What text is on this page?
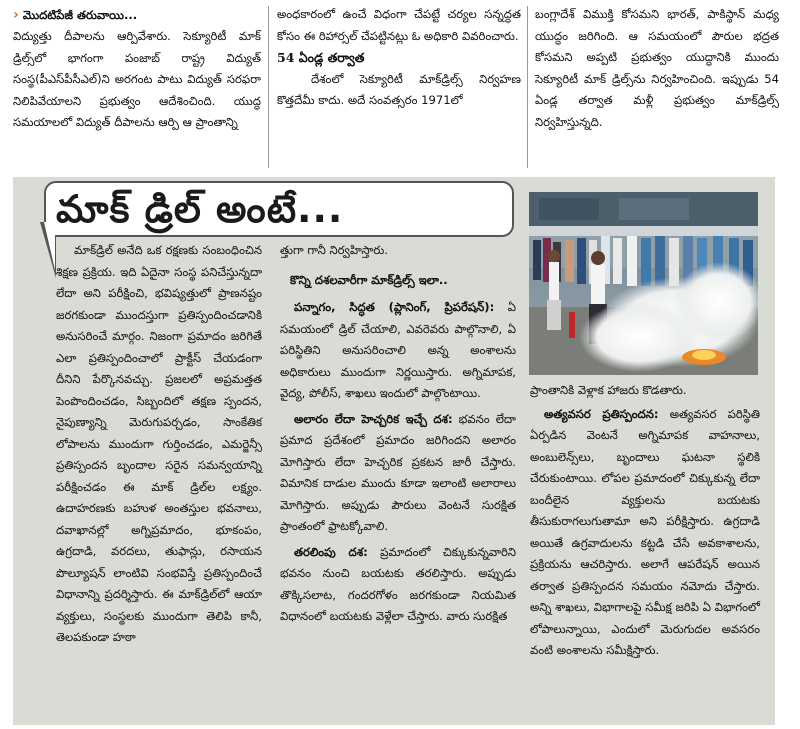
› మొదటిపేజీ తరువాయి...

విద్యుత్తు దీపాలను ఆర్పివేశారు. సెక్యూరిటీ మాక్‌ డ్రిల్స్‌లో భాగంగా పంజాబ్‌ రాష్ట్ర విద్యుత్‌ సంస్థ(పీఎస్‌పీసీఎల్‌)ని అరగంట పాటు విద్యుత్‌ సరఫరా నిలిపివేయాలని ప్రభుత్వం ఆదేశించింది. యుద్ధ సమయాలలో విద్యుత్‌ దీపాలను ఆర్పి ఆ ప్రాంతాన్ని

అంధకారంలో ఉంచే విధంగా చేపట్టే చర్యల సన్నద్ధత కోసం ఈ రిహార్సల్‌ చేపట్టినట్లు ఓ అధికారి వివరించారు.

54 ఏండ్ల తర్వాత

దేశంలో సెక్యూరిటీ మాక్‌డ్రిల్స్‌ నిర్వహణ కొత్తదేమీ కాదు. అదే సంవత్సరం 1971లో

బంగ్లాదేశ్‌ విముక్తి కోసమని భారత్‌, పాకిస్థాన్‌ మధ్య యుద్ధం జరిగింది. ఆ సమయంలో పౌరుల భద్రత కోసమని అప్పటి ప్రభుత్వం యుద్ధానికి ముందు సెక్యూరిటీ మాక్‌ డ్రిల్స్‌ను నిర్వహించింది. ఇప్పుడు 54 ఏండ్ల తర్వాత మళ్లీ ప్రభుత్వం మాక్‌డ్రిల్స్‌ నిర్వహిస్తున్నది.

మాక్‌ డ్రిల్‌ అంటే...

మాక్‌డ్రిల్‌ అనేది ఒక రక్షణకు సంబంధించిన శిక్షణ ప్రక్రియ. ఇది ఏదైనా సంస్థ పనిచేస్తున్నదా లేదా అని పరీక్షించి, భవిష్యత్తులో ప్రాణనష్టం జరగకుండా ముందస్తుగా ప్రతిస్పందించడానికి అనుసరించే మార్గం. నిజంగా ప్రమాదం జరిగితే ఎలా ప్రతిస్పందించాలో ప్రాక్టీస్‌ చేయడంగా దీనిని పేర్కొనవచ్చు. ప్రజలలో అప్రమత్తత పెంపొందించడం, సిబ్బందిలో తక్షణ స్పందన, నైపుణ్యాన్ని మెరుగుపర్చడం, సాంకేతిక లోపాలను ముందుగా గుర్తించడం, ఎమర్జెన్సీ ప్రతిస్పందన బృందాల సరైన సమన్వయాన్ని పరీక్షించడం ఈ మాక్‌ డ్రిల్‌ల లక్ష్యం. ఉదాహరణకు బహుళ అంతస్తుల భవనాలు, దవాఖానల్లో అగ్నిప్రమాదం, భూకంపం, ఉగ్రదాడి, వరదలు, తుఫాన్లు, రసాయన పొల్యూషన్‌ లాంటివి సంభవిస్తే ప్రతిస్పందించే విధానాన్ని ప్రదర్శిస్తారు. ఈ మాక్‌డ్రిల్‌లో ఆయా వ్యక్తులు, సంస్థలకు ముందుగా తెలిపి కానీ, తెలపకుండా హఠా

త్తుగా గానీ నిర్వహిస్తారు.

కొన్ని దశలవారీగా మాక్‌డ్రిల్స్‌ ఇలా..

పన్నాగం, సిద్ధత (ప్లానింగ్‌, ప్రిపరేషన్‌): ఏ సమయంలో డ్రిల్‌ చేయాలి, ఎవరెవరు పాల్గొనాలి, ఏ పరిస్థితిని అనుసరించాలి అన్న అంశాలను అధికారులు ముందుగా నిర్ణయిస్తారు. అగ్నిమాపక, వైద్య, పోలీస్‌, శాఖలు ఇందులో పాల్గొంటాయి.

అలారం లేదా హెచ్చరిక ఇచ్చే దశ: భవనం లేదా ప్రమాద ప్రదేశంలో ప్రమాదం జరిగిందని అలారం మోగిస్తారు లేదా హెచ్చరిక ప్రకటన జారీ చేస్తారు. విమానిక దాడుల ముందు కూడా ఇలాంటి అలారాలు మోగిస్తారు. అప్పుడు పౌరులు వెంటనే సురక్షిత ప్రాంతంలో ఫ్రాటక్కోవాలి.

తరలింపు దశ: ప్రమాదంలో చిక్కుకున్నవారిని భవనం నుంచి బయటకు తరలిస్తారు. అప్పుడు తొక్కిసలాట, గందరగోళం జరగకుండా నియమిత విధానంలో బయటకు వెళ్లేలా చేస్తారు. వారు సురక్షిత

ప్రాంతానికి వెళ్లాక హాజరు కొడతారు.

అత్యవసర ప్రతిస్పందన: అత్యవసర పరిస్థితి ఏర్పడిన వెంటనే అగ్నిమాపక వాహనాలు, అంబులెన్స్‌లు, బృందాలు ఘటనా స్థలికి చేరుకుంటాయి. లోపల ప్రమాదంలో చిక్కుకున్న లేదా బందీలైన వ్యక్తులను బయటకు తీసుకురాగలుగుతామా అని పరీక్షిస్తారు. ఉగ్రదాడి అయితే ఉగ్రవాదులను కట్టడి చేసే అవకాశాలను, ప్రక్రియను ఆచరిస్తారు. అలాగే ఆపరేషన్‌ అయిన తర్వాత ప్రతిస్పందన సమయం నమోదు చేస్తారు. అన్ని శాఖలు, విభాగాలపై సమీక్ష జరిపి ఏ విభాగంలో లోపాలున్నాయి, ఎందులో మెరుగుదల అవసరం వంటి అంశాలను సమీక్షిస్తారు.
